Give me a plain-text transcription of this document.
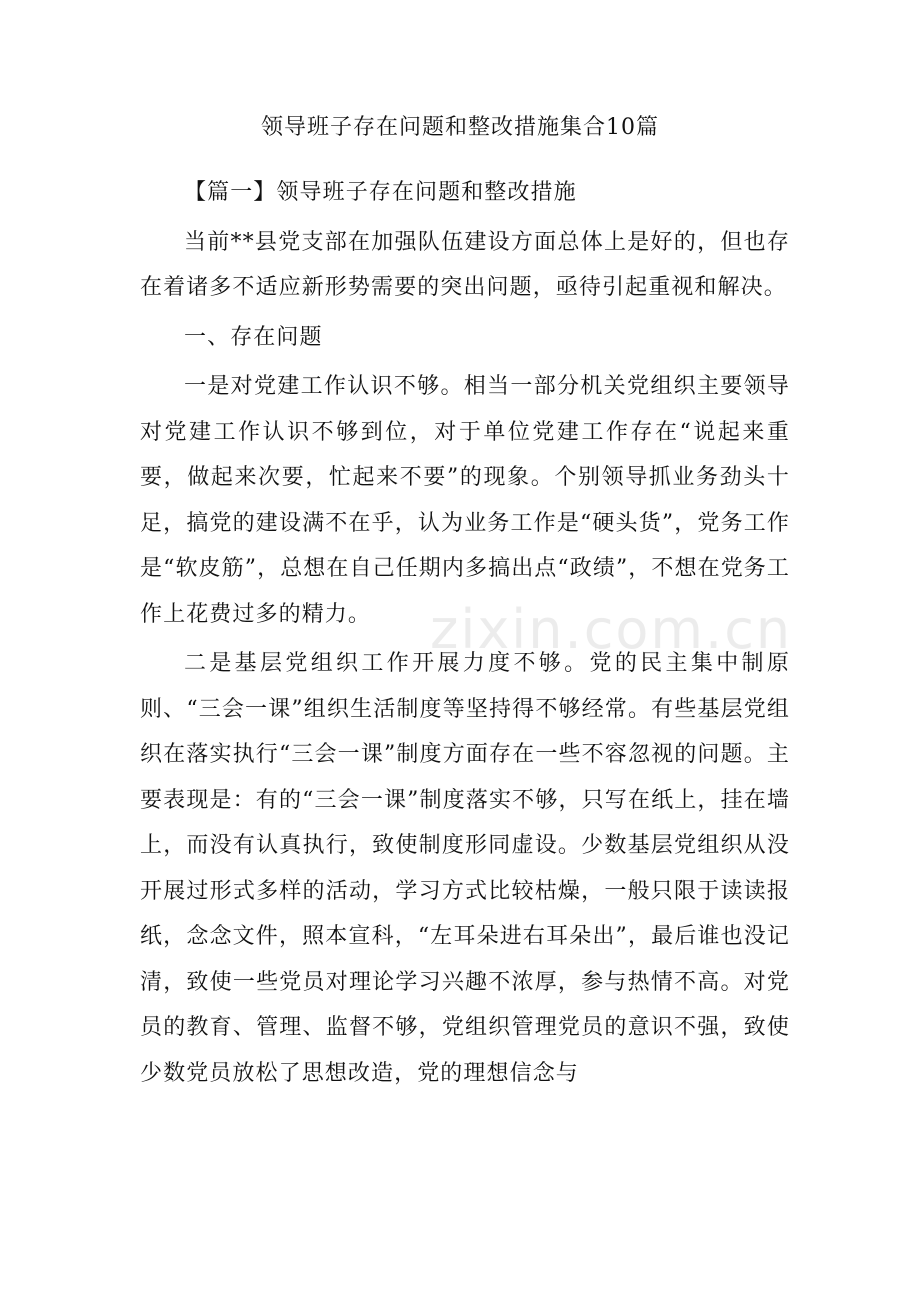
领导班子存在问题和整改措施集合10篇

【篇一】领导班子存在问题和整改措施

当前**县党支部在加强队伍建设方面总体上是好的，但也存在着诸多不适应新形势需要的突出问题，亟待引起重视和解决。

一、存在问题

一是对党建工作认识不够。相当一部分机关党组织主要领导对党建工作认识不够到位，对于单位党建工作存在“说起来重要，做起来次要，忙起来不要”的现象。个别领导抓业务劲头十足，搞党的建设满不在乎，认为业务工作是“硬头货”，党务工作是“软皮筋”，总想在自己任期内多搞出点“政绩”，不想在党务工作上花费过多的精力。

二是基层党组织工作开展力度不够。党的民主集中制原则、“三会一课”组织生活制度等坚持得不够经常。有些基层党组织在落实执行“三会一课”制度方面存在一些不容忽视的问题。主要表现是：有的“三会一课”制度落实不够，只写在纸上，挂在墙上，而没有认真执行，致使制度形同虚设。少数基层党组织从没开展过形式多样的活动，学习方式比较枯燥，一般只限于读读报纸，念念文件，照本宣科，“左耳朵进右耳朵出”，最后谁也没记清，致使一些党员对理论学习兴趣不浓厚，参与热情不高。对党员的教育、管理、监督不够，党组织管理党员的意识不强，致使少数党员放松了思想改造，党的理想信念与

zixin.com.cn
